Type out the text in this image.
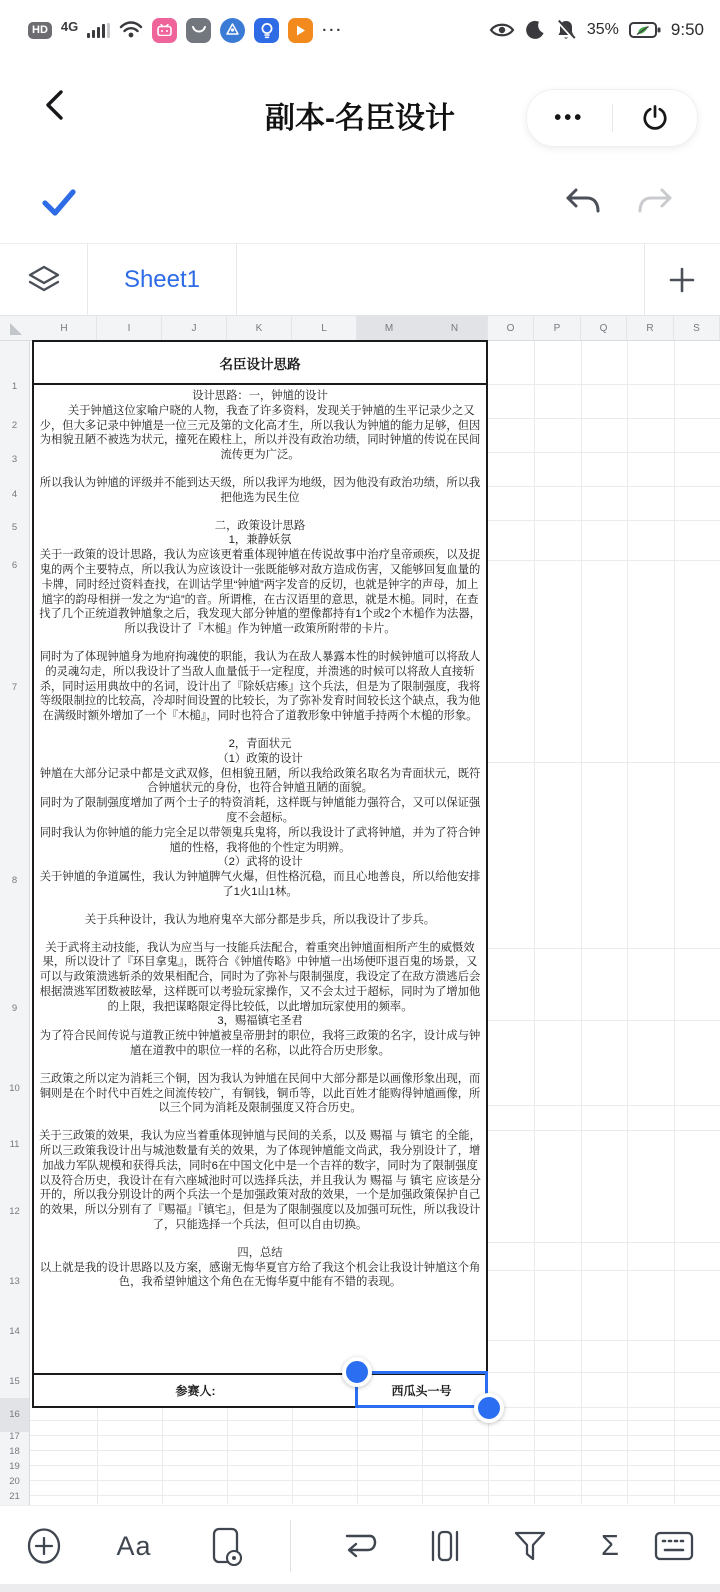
HD	4G	···	35%	9:50
副本-名臣设计	•••
Sheet1
H	I	J	K	L	M	N	O	P	Q	R	S
1
2
3
4
5
6
7
8
9
10
11
12
13
14
15
16
17
18
19
20
21
名臣设计思路
设计思路：一，钟馗的设计
　　关于钟馗这位家喻户晓的人物，我查了许多资料，发现关于钟馗的生平记录少之又少，但大多记录中钟馗是一位三元及第的文化高才生，所以我认为钟馗的能力足够，但因为相貌丑陋不被选为状元，撞死在殿柱上，所以并没有政治功绩，同时钟馗的传说在民间流传更为广泛。
所以我认为钟馗的评级并不能到达天级，所以我评为地级，因为他没有政治功绩，所以我把他选为民生位
二，政策设计思路
1，兼静妖氛
关于一政策的设计思路，我认为应该更着重体现钟馗在传说故事中治疗皇帝顽疾，以及捉鬼的两个主要特点，所以我认为应该设计一张既能够对敌方造成伤害，又能够回复血量的卡牌，同时经过资料查找，在训诂学里“钟馗”两字发音的反切，也就是钟字的声母，加上馗字的韵母相拼一发之为“追”的音。所谓椎，在古汉语里的意思，就是木槌。同时，在查找了几个正统道教钟馗象之后，我发现大部分钟馗的塑像都持有1个或2个木槌作为法器，所以我设计了『木槌』作为钟馗一政策所附带的卡片。
同时为了体现钟馗身为地府拘魂使的职能，我认为在敌人暴露本性的时候钟馗可以将敌人的灵魂勾走，所以我设计了当敌人血量低于一定程度，并溃逃的时候可以将敌人直接斩杀，同时运用典故中的名词，设计出了『除妖痁瘆』这个兵法，但是为了限制强度，我将等级限制拉的比较高，冷却时间设置的比较长，为了弥补发育时间较长这个缺点，我为他在满级时额外增加了一个『木槌』，同时也符合了道教形象中钟馗手持两个木槌的形象。
2，青面状元
（1）政策的设计
钟馗在大部分记录中都是文武双修，但相貌丑陋，所以我给政策名取名为青面状元，既符合钟馗状元的身份，也符合钟馗丑陋的面貌。
同时为了限制强度增加了两个士子的特资消耗，这样既与钟馗能力强符合，又可以保证强度不会超标。
同时我认为你钟馗的能力完全足以带领鬼兵鬼将，所以我设计了武将钟馗，并为了符合钟馗的性格，我将他的个性定为明辨。
（2）武将的设计
关于钟馗的争道属性，我认为钟馗脾气火爆，但性格沉稳，而且心地善良，所以给他安排了1火1山1林。
关于兵种设计，我认为地府鬼卒大部分都是步兵，所以我设计了步兵。
关于武将主动技能，我认为应当与一技能兵法配合，着重突出钟馗面相所产生的威慑效果，所以设计了『环目拿鬼』，既符合《钟馗传略》中钟馗一出场便吓退百鬼的场景，又可以与政策溃逃斩杀的效果相配合，同时为了弥补与限制强度，我设定了在敌方溃逃后会根据溃逃军团数被眩晕，这样既可以考验玩家操作，又不会太过于超标，同时为了增加他的上限，我把谋略限定得比较低，以此增加玩家使用的频率。
3，赐福镇宅圣君
为了符合民间传说与道教正统中钟馗被皇帝册封的职位，我将三政策的名字，设计成与钟馗在道教中的职位一样的名称，以此符合历史形象。
三政策之所以定为消耗三个铜，因为我认为钟馗在民间中大部分都是以画像形象出现，而铜则是在个时代中百姓之间流传较广，有铜钱，铜币等，以此百姓才能购得钟馗画像，所以三个同为消耗及限制强度又符合历史。
关于三政策的效果，我认为应当着重体现钟馗与民间的关系，以及 赐福 与 镇宅 的全能，所以三政策我设计出与城池数量有关的效果，为了体现钟馗能文尚武，我分别设计了，增加战力军队规模和获得兵法，同时6在中国文化中是一个吉祥的数字，同时为了限制强度以及符合历史，我设计在有六座城池时可以选择兵法，并且我认为 赐福 与 镇宅 应该是分开的，所以我分别设计的两个兵法一个是加强政策对敌的效果，一个是加强政策保护自己的效果，所以分别有了『赐福』『镇宅』，但是为了限制强度以及加强可玩性，所以我设计了，只能选择一个兵法，但可以自由切换。
四，总结
以上就是我的设计思路以及方案，感谢无悔华夏官方给了我这个机会让我设计钟馗这个角色，我希望钟馗这个角色在无悔华夏中能有不错的表现。
参赛人:	西瓜头一号
Aa	Σ
